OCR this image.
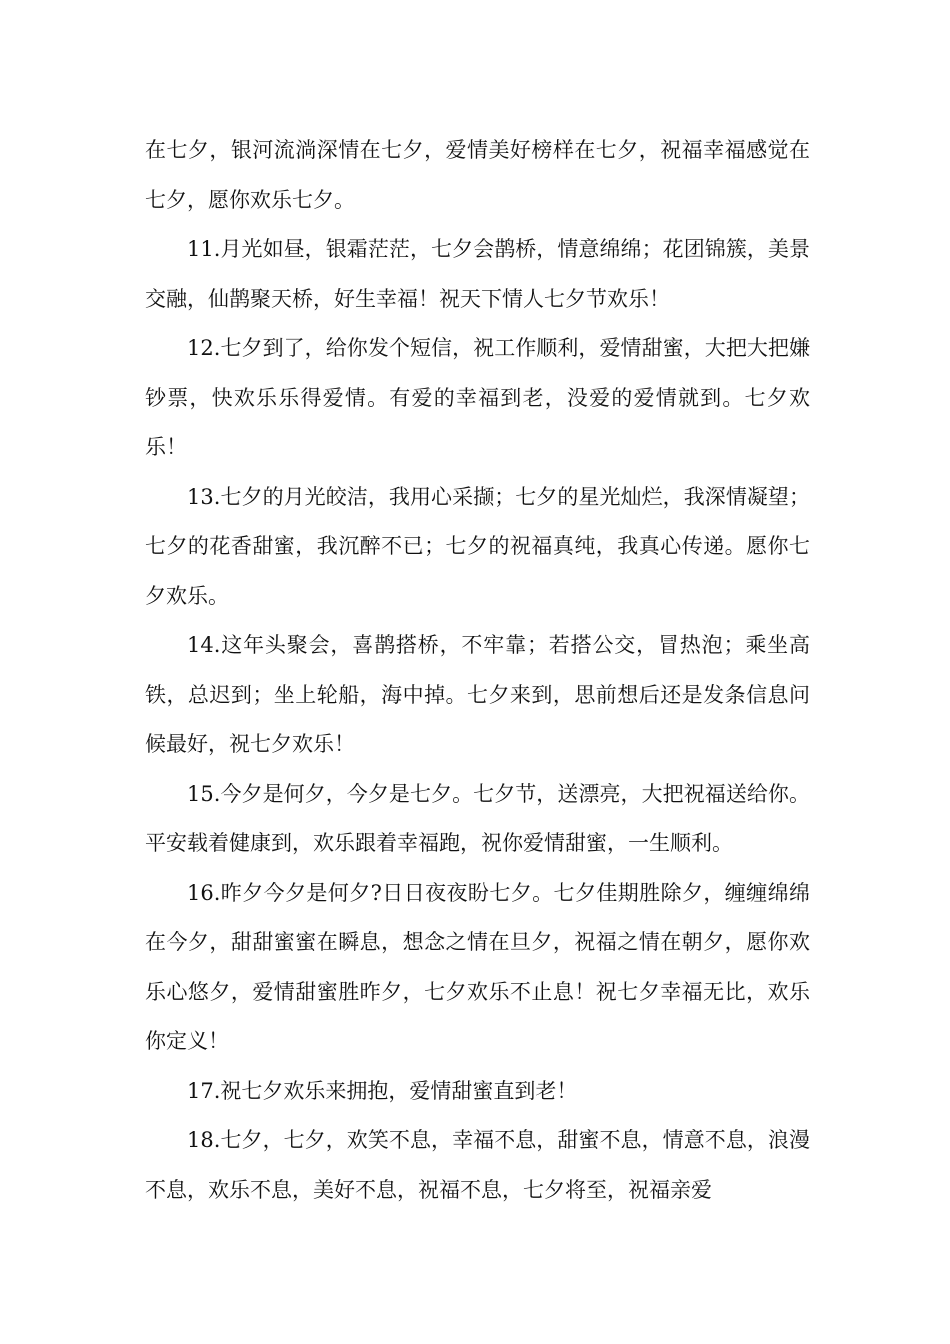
在七夕，银河流淌深情在七夕，爱情美好榜样在七夕，祝福幸福感觉在七夕，愿你欢乐七夕。

11.月光如昼，银霜茫茫，七夕会鹊桥，情意绵绵；花团锦簇，美景交融，仙鹊聚天桥，好生幸福！祝天下情人七夕节欢乐！

12.七夕到了，给你发个短信，祝工作顺利，爱情甜蜜，大把大把嫌钞票，快欢乐乐得爱情。有爱的幸福到老，没爱的爱情就到。七夕欢乐！

13.七夕的月光皎洁，我用心采撷；七夕的星光灿烂，我深情凝望；七夕的花香甜蜜，我沉醉不已；七夕的祝福真纯，我真心传递。愿你七夕欢乐。

14.这年头聚会，喜鹊搭桥，不牢靠；若搭公交，冒热泡；乘坐高铁，总迟到；坐上轮船，海中掉。七夕来到，思前想后还是发条信息问候最好，祝七夕欢乐！

15.今夕是何夕，今夕是七夕。七夕节，送漂亮，大把祝福送给你。平安载着健康到，欢乐跟着幸福跑，祝你爱情甜蜜，一生顺利。

16.昨夕今夕是何夕?日日夜夜盼七夕。七夕佳期胜除夕，缠缠绵绵在今夕，甜甜蜜蜜在瞬息，想念之情在旦夕，祝福之情在朝夕，愿你欢乐心悠夕，爱情甜蜜胜昨夕，七夕欢乐不止息！祝七夕幸福无比，欢乐你定义！

17.祝七夕欢乐来拥抱，爱情甜蜜直到老！

18.七夕，七夕，欢笑不息，幸福不息，甜蜜不息，情意不息，浪漫不息，欢乐不息，美好不息，祝福不息，七夕将至，祝福亲爱
